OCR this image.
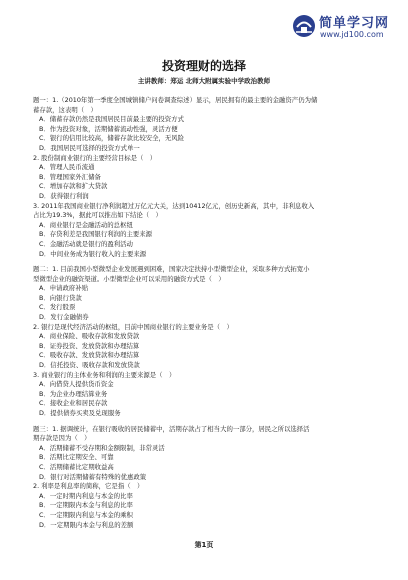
简单学习网
www.jd100.com
投资理财的选择
主讲教师：郑运 北师大附属实验中学政治教师
题一：1.（2010年第一季度全国城镇储户问卷调查综述）显示，居民拥有的最主要的金融资产仍为储
蓄存款，这表明（　）
A．储蓄存款仍然是我国居民目前最主要的投资方式
B．作为投资对象，活期储蓄流动性强，灵活方便
C．银行的信用比较高，储蓄存款比较安全，无风险
D．我国居民可选择的投资方式单一
2. 股份制商业银行的主要经营目标是（　）
A．管理人民币流通
B．管理国家外汇储备
C．增加存款和扩大贷款
D．获得银行利润
3. 2011年我国商业银行净利润超过万亿元大关，达到10412亿元，创历史新高，其中，非利息收入
占比为19.3%，据此可以推出如下结论（　）
A．商业银行是金融活动的总枢纽
B．存贷利差是我国银行利润的主要来源
C．金融活动就是银行的盈利活动
D．中间业务成为银行收入的主要来源
题二：1. 目前我国小型微型企业发展遇到困难，国家决定扶持小型微型企业，采取多种方式拓宽小
型微型企业的融资渠道。小型微型企业可以采用的融资方式是（　）
A．申请政府补贴
B．向银行贷款
C．发行股票
D．发行金融债券
2. 银行是现代经济活动的枢纽，目前中国商业银行的主要业务是（　）
A．商业保险、吸收存款和发放贷款
B．证券投资、发放贷款和办理结算
C．吸收存款、发放贷款和办理结算
D．信托投资、吸收存款和发放贷款
3. 商业银行的主体业务和利润的主要来源是（　）
A．向借贷人提供货币资金
B．为企业办理结算业务
C．接收企业和居民存款
D．提供债券买卖及兑现服务
题三：1. 据调统计，在银行吸收的居民储蓄中，活期存款占了相当大的一部分，居民之所以选择活
期存款是因为（　）
A．活期储蓄不受存期和金额限制，非常灵活
B．活期比定期安全、可靠
C．活期储蓄比定期收益高
D．银行对活期储蓄有特殊的优惠政策
2. 利率是利息率的简称，它是指（　）
A．一定时期内利息与本金的比率
B．一定期限内本金与利息的比率
C．一定期限内利息与本金的乘积
D．一定期限内本金与利息的差额
第1页
